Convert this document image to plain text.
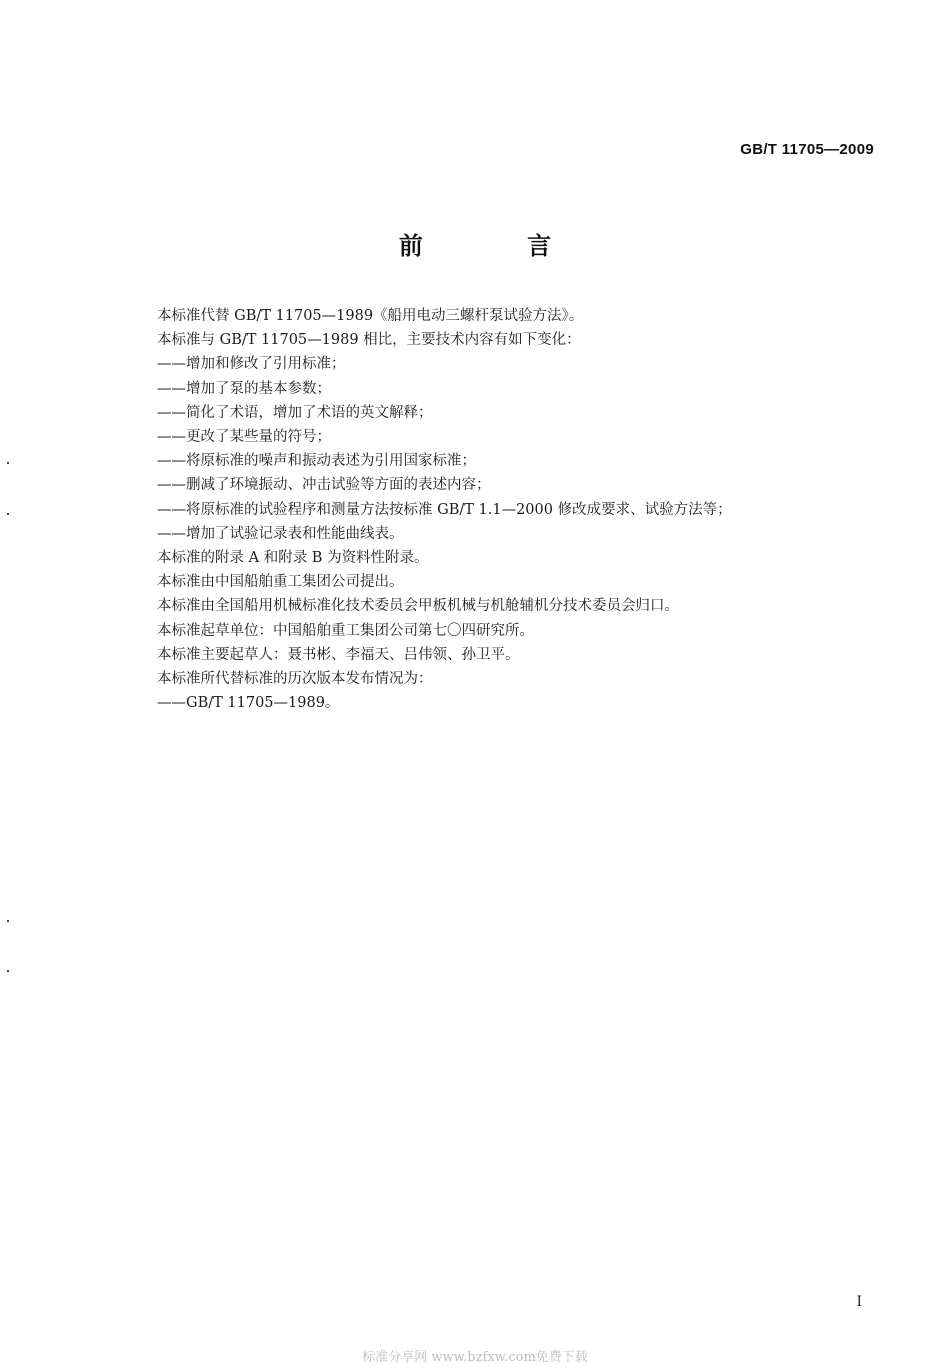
GB/T 11705—2009
前 言
本标准代替 GB/T 11705—1989《船用电动三螺杆泵试验方法》。
本标准与 GB/T 11705—1989 相比，主要技术内容有如下变化：
——增加和修改了引用标准；
——增加了泵的基本参数；
——简化了术语，增加了术语的英文解释；
——更改了某些量的符号；
——将原标准的噪声和振动表述为引用国家标准；
——删减了环境振动、冲击试验等方面的表述内容；
——将原标准的试验程序和测量方法按标准 GB/T 1.1—2000 修改成要求、试验方法等；
——增加了试验记录表和性能曲线表。
本标准的附录 A 和附录 B 为资料性附录。
本标准由中国船舶重工集团公司提出。
本标准由全国船用机械标准化技术委员会甲板机械与机舱辅机分技术委员会归口。
本标准起草单位：中国船舶重工集团公司第七〇四研究所。
本标准主要起草人：聂书彬、李福天、吕伟领、孙卫平。
本标准所代替标准的历次版本发布情况为：
——GB/T 11705—1989。
I
标准分享网 www.bzfxw.com免费下载
